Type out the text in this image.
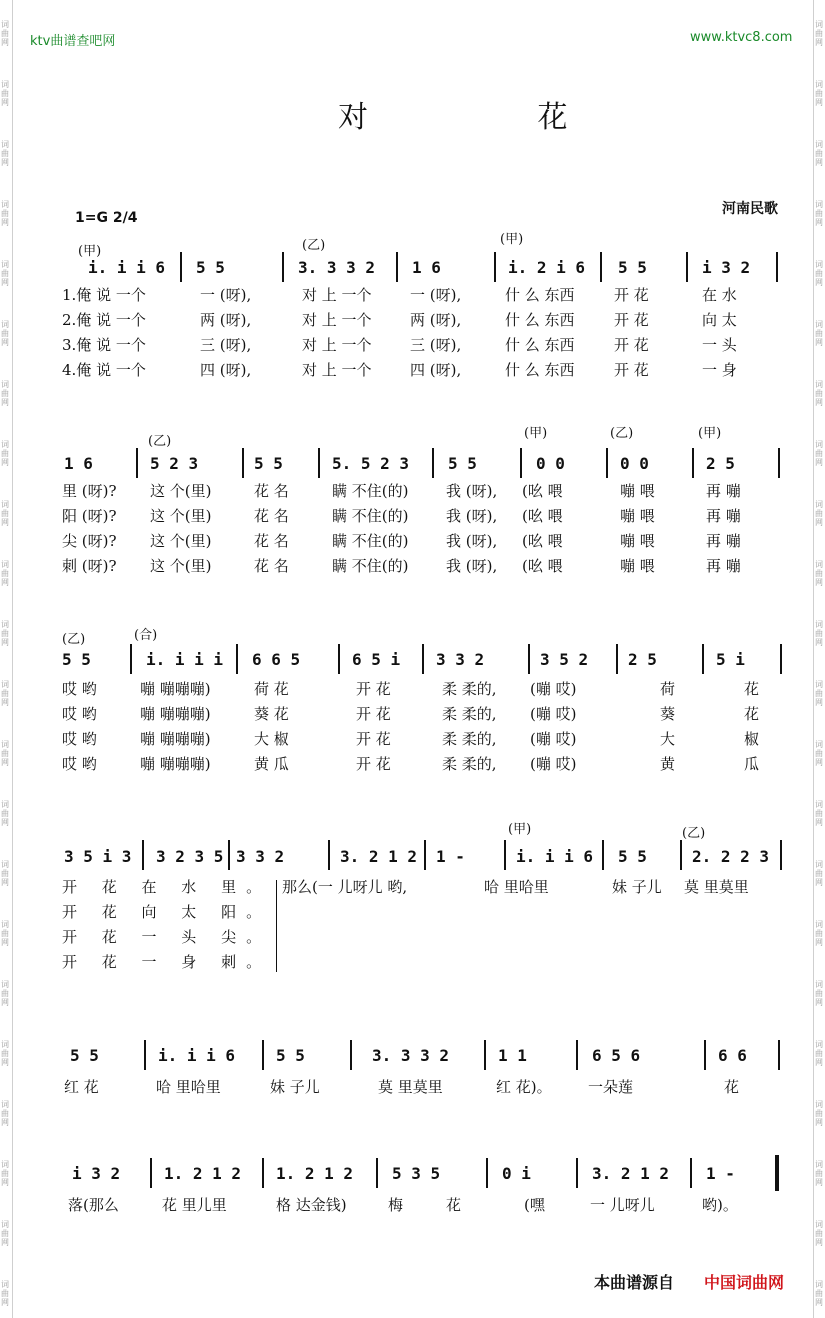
词
曲
网
词
曲
网
词
曲
网
词
曲
网
词
曲
网
词
曲
网
词
曲
网
词
曲
网
词
曲
网
词
曲
网
词
曲
网
词
曲
网
词
曲
网
词
曲
网
词
曲
网
词
曲
网
词
曲
网
词
曲
网
词
曲
网
词
曲
网
词
曲
网
词
曲
网
词
曲
网
词
曲
网
词
曲
网
词
曲
网
词
曲
网
词
曲
网
词
曲
网
词
曲
网
词
曲
网
词
曲
网
词
曲
网
词
曲
网
词
曲
网
词
曲
网
词
曲
网
词
曲
网
词
曲
网
词
曲
网
词
曲
网
词
曲
网
词
曲
网
词
曲
网
ktv曲谱查吧网	www.ktvc8.com
对 花
1=G 2/4
河南民歌
(甲)	(乙)	(甲)
i. i i 6 5 5	3. 3 3 2 1 6	i. 2 i 6 5 5	i 3 2
1.俺 说 一个	一 (呀),	对 上 一个	一 (呀),	什 么 东西	开 花	在 水
2.俺 说 一个	两 (呀),	对 上 一个	两 (呀),	什 么 东西	开 花	向 太
3.俺 说 一个	三 (呀),	对 上 一个	三 (呀),	什 么 东西	开 花	一 头
4.俺 说 一个	四 (呀),	对 上 一个	四 (呀),	什 么 东西	开 花	一 身
(乙)
(甲)	(乙)	(甲)
1 6	5 2 3	5 5	5. 5 2 3 5 5	0 0	0 0	2 5
里 (呀)? 这 个(里)	花 名	瞒 不住(的)	我 (呀), (吆 喂	嘣 喂	再 嘣
阳 (呀)? 这 个(里)	花 名	瞒 不住(的)	我 (呀), (吆 喂	嘣 喂	再 嘣
尖 (呀)? 这 个(里)	花 名	瞒 不住(的)	我 (呀), (吆 喂	嘣 喂	再 嘣
刺 (呀)? 这 个(里)	花 名	瞒 不住(的)	我 (呀), (吆 喂	嘣 喂	再 嘣
(乙)	(合)
5 5	i. i i i 6 6 5	6 5 i 3 3 2	3 5 2 2 5	5 i
哎 哟	嘣 嘣嘣嘣)	荷 花	开 花	柔 柔的, (嘣 哎)	荷	花
哎 哟	嘣 嘣嘣嘣)	葵 花	开 花	柔 柔的, (嘣 哎)	葵	花
哎 哟	嘣 嘣嘣嘣)	大 椒	开 花	柔 柔的, (嘣 哎)	大	椒
哎 哟	嘣 嘣嘣嘣)	黄 瓜	开 花	柔 柔的, (嘣 哎)	黄	瓜
(甲)	(乙)
3 5 i 3 3 2 3 5 3 3 2	3. 2 1 2 1 -	i. i i 6 5 5	2. 2 2 3
开 花 在 水 里。 那么(一 儿呀儿 哟,	哈 里哈里	妹 子儿 莫 里莫里
开 花 向 太 阳。
开 花 一 头 尖。
开 花 一 身 刺。
5 5	i. i i 6	5 5	3. 3 3 2	1 1	6 5 6	6 6
红 花	哈 里哈里	妹 子儿	莫 里莫里	红 花)。 一朵莲	花
i 3 2	1. 2 1 2 1. 2 1 2 5 3 5	0 i	3. 2 1 2 1 -
落(那么	花 里儿里	格 达金钱)	梅	花	(嘿	一 儿呀儿	哟)。
本曲谱源自 中国词曲网
